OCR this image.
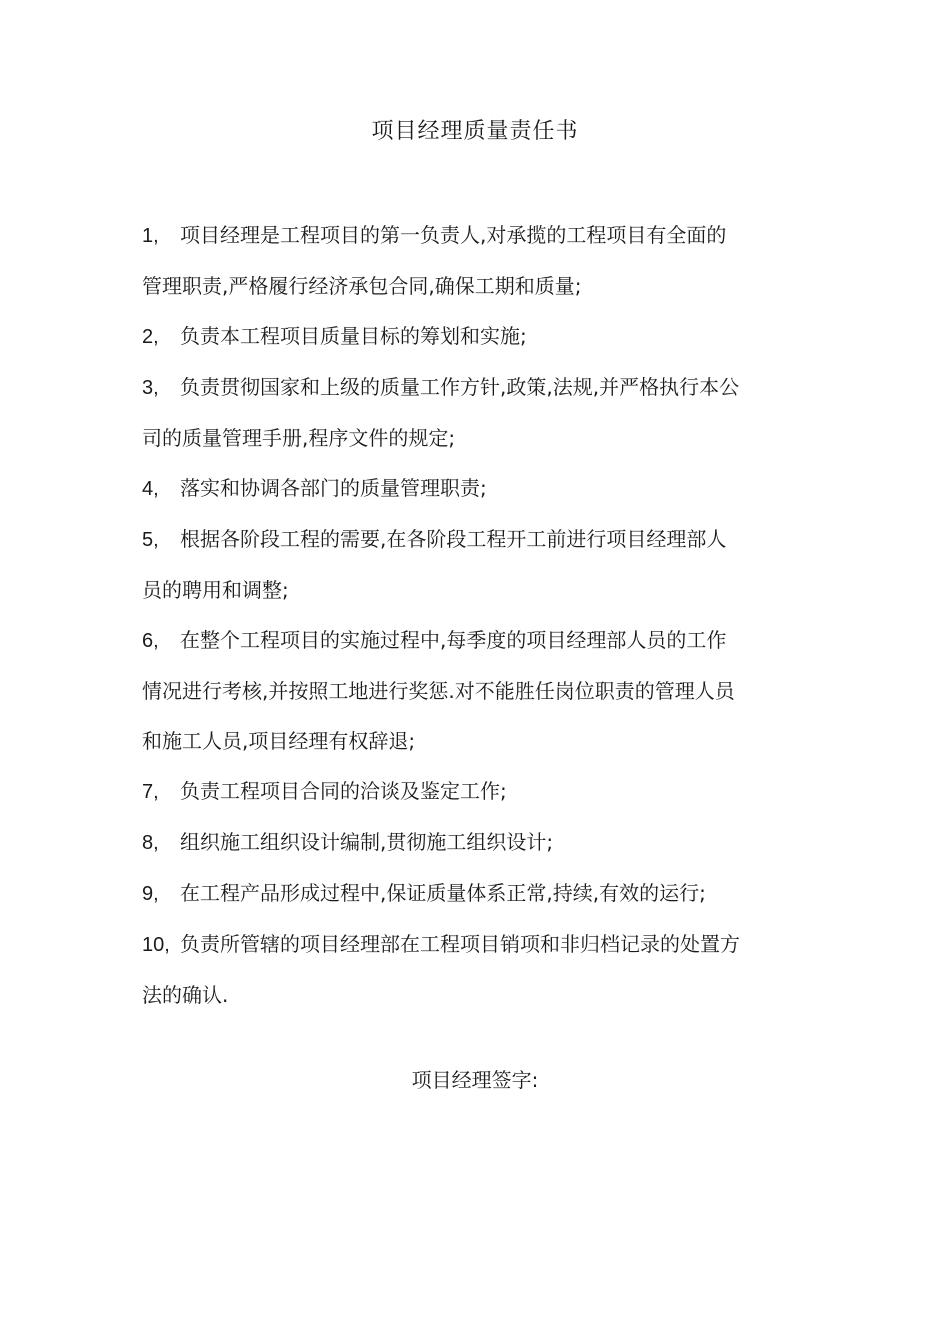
项目经理质量责任书
1, 项目经理是工程项目的第一负责人,对承揽的工程项目有全面的
管理职责,严格履行经济承包合同,确保工期和质量;
2, 负责本工程项目质量目标的筹划和实施;
3, 负责贯彻国家和上级的质量工作方针,政策,法规,并严格执行本公
司的质量管理手册,程序文件的规定;
4, 落实和协调各部门的质量管理职责;
5, 根据各阶段工程的需要,在各阶段工程开工前进行项目经理部人
员的聘用和调整;
6, 在整个工程项目的实施过程中,每季度的项目经理部人员的工作
情况进行考核,并按照工地进行奖惩.对不能胜任岗位职责的管理人员
和施工人员,项目经理有权辞退;
7, 负责工程项目合同的洽谈及鉴定工作;
8, 组织施工组织设计编制,贯彻施工组织设计;
9, 在工程产品形成过程中,保证质量体系正常,持续,有效的运行;
10, 负责所管辖的项目经理部在工程项目销项和非归档记录的处置方
法的确认.
项目经理签字:
